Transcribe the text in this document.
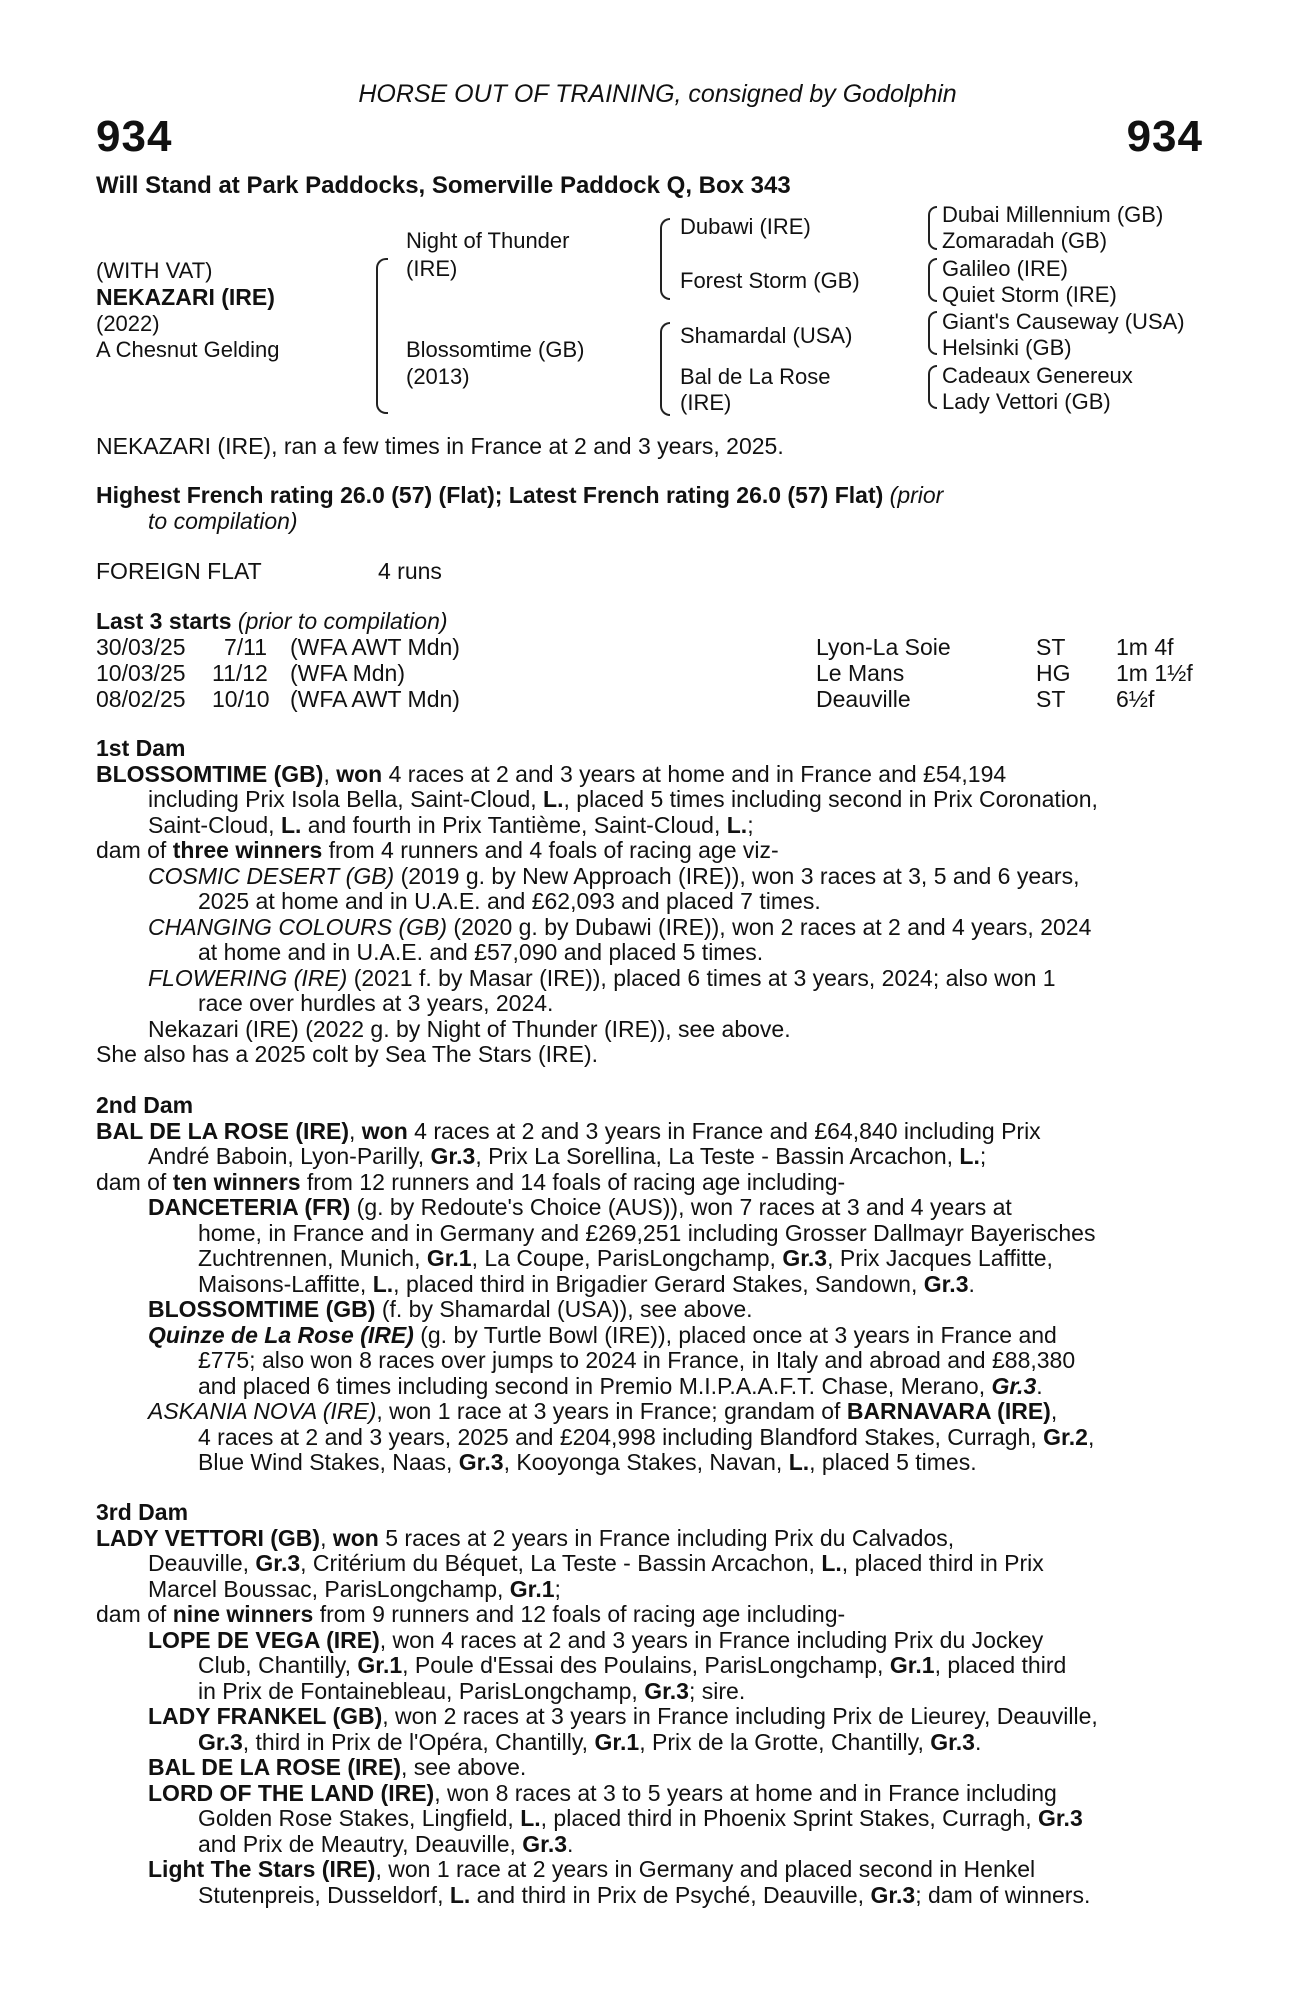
HORSE OUT OF TRAINING, consigned by Godolphin
934	934
Will Stand at Park Paddocks, Somerville Paddock Q, Box 343
(WITH VAT)
NEKAZARI (IRE)
(2022)
A Chesnut Gelding
Night of Thunder
(IRE)
Blossomtime (GB)
(2013)
Dubawi (IRE)
Forest Storm (GB)
Shamardal (USA)
Bal de La Rose
(IRE)
Dubai Millennium (GB)
Zomaradah (GB)
Galileo (IRE)
Quiet Storm (IRE)
Giant's Causeway (USA)
Helsinki (GB)
Cadeaux Genereux
Lady Vettori (GB)
NEKAZARI (IRE), ran a few times in France at 2 and 3 years, 2025.
Highest French rating 26.0 (57) (Flat); Latest French rating 26.0 (57) Flat) (prior
to compilation)
FOREIGN FLAT	4 runs
Last 3 starts (prior to compilation)
30/03/25 7/11 (WFA AWT Mdn)	Lyon-La Soie	ST 1m 4f
10/03/25 11/12 (WFA Mdn)	Le Mans	HG 1m 1½f
08/02/25 10/10 (WFA AWT Mdn)	Deauville	ST 6½f
1st Dam
BLOSSOMTIME (GB), won 4 races at 2 and 3 years at home and in France and £54,194
including Prix Isola Bella, Saint-Cloud, L., placed 5 times including second in Prix Coronation,
Saint-Cloud, L. and fourth in Prix Tantième, Saint-Cloud, L.;
dam of three winners from 4 runners and 4 foals of racing age viz-
COSMIC DESERT (GB) (2019 g. by New Approach (IRE)), won 3 races at 3, 5 and 6 years,
2025 at home and in U.A.E. and £62,093 and placed 7 times.
CHANGING COLOURS (GB) (2020 g. by Dubawi (IRE)), won 2 races at 2 and 4 years, 2024
at home and in U.A.E. and £57,090 and placed 5 times.
FLOWERING (IRE) (2021 f. by Masar (IRE)), placed 6 times at 3 years, 2024; also won 1
race over hurdles at 3 years, 2024.
Nekazari (IRE) (2022 g. by Night of Thunder (IRE)), see above.
She also has a 2025 colt by Sea The Stars (IRE).
2nd Dam
BAL DE LA ROSE (IRE), won 4 races at 2 and 3 years in France and £64,840 including Prix
André Baboin, Lyon-Parilly, Gr.3, Prix La Sorellina, La Teste - Bassin Arcachon, L.;
dam of ten winners from 12 runners and 14 foals of racing age including-
DANCETERIA (FR) (g. by Redoute's Choice (AUS)), won 7 races at 3 and 4 years at
home, in France and in Germany and £269,251 including Grosser Dallmayr Bayerisches
Zuchtrennen, Munich, Gr.1, La Coupe, ParisLongchamp, Gr.3, Prix Jacques Laffitte,
Maisons-Laffitte, L., placed third in Brigadier Gerard Stakes, Sandown, Gr.3.
BLOSSOMTIME (GB) (f. by Shamardal (USA)), see above.
Quinze de La Rose (IRE) (g. by Turtle Bowl (IRE)), placed once at 3 years in France and
£775; also won 8 races over jumps to 2024 in France, in Italy and abroad and £88,380
and placed 6 times including second in Premio M.I.P.A.A.F.T. Chase, Merano, Gr.3.
ASKANIA NOVA (IRE), won 1 race at 3 years in France; grandam of BARNAVARA (IRE),
4 races at 2 and 3 years, 2025 and £204,998 including Blandford Stakes, Curragh, Gr.2,
Blue Wind Stakes, Naas, Gr.3, Kooyonga Stakes, Navan, L., placed 5 times.
3rd Dam
LADY VETTORI (GB), won 5 races at 2 years in France including Prix du Calvados,
Deauville, Gr.3, Critérium du Béquet, La Teste - Bassin Arcachon, L., placed third in Prix
Marcel Boussac, ParisLongchamp, Gr.1;
dam of nine winners from 9 runners and 12 foals of racing age including-
LOPE DE VEGA (IRE), won 4 races at 2 and 3 years in France including Prix du Jockey
Club, Chantilly, Gr.1, Poule d'Essai des Poulains, ParisLongchamp, Gr.1, placed third
in Prix de Fontainebleau, ParisLongchamp, Gr.3; sire.
LADY FRANKEL (GB), won 2 races at 3 years in France including Prix de Lieurey, Deauville,
Gr.3, third in Prix de l'Opéra, Chantilly, Gr.1, Prix de la Grotte, Chantilly, Gr.3.
BAL DE LA ROSE (IRE), see above.
LORD OF THE LAND (IRE), won 8 races at 3 to 5 years at home and in France including
Golden Rose Stakes, Lingfield, L., placed third in Phoenix Sprint Stakes, Curragh, Gr.3
and Prix de Meautry, Deauville, Gr.3.
Light The Stars (IRE), won 1 race at 2 years in Germany and placed second in Henkel
Stutenpreis, Dusseldorf, L. and third in Prix de Psyché, Deauville, Gr.3; dam of winners.
